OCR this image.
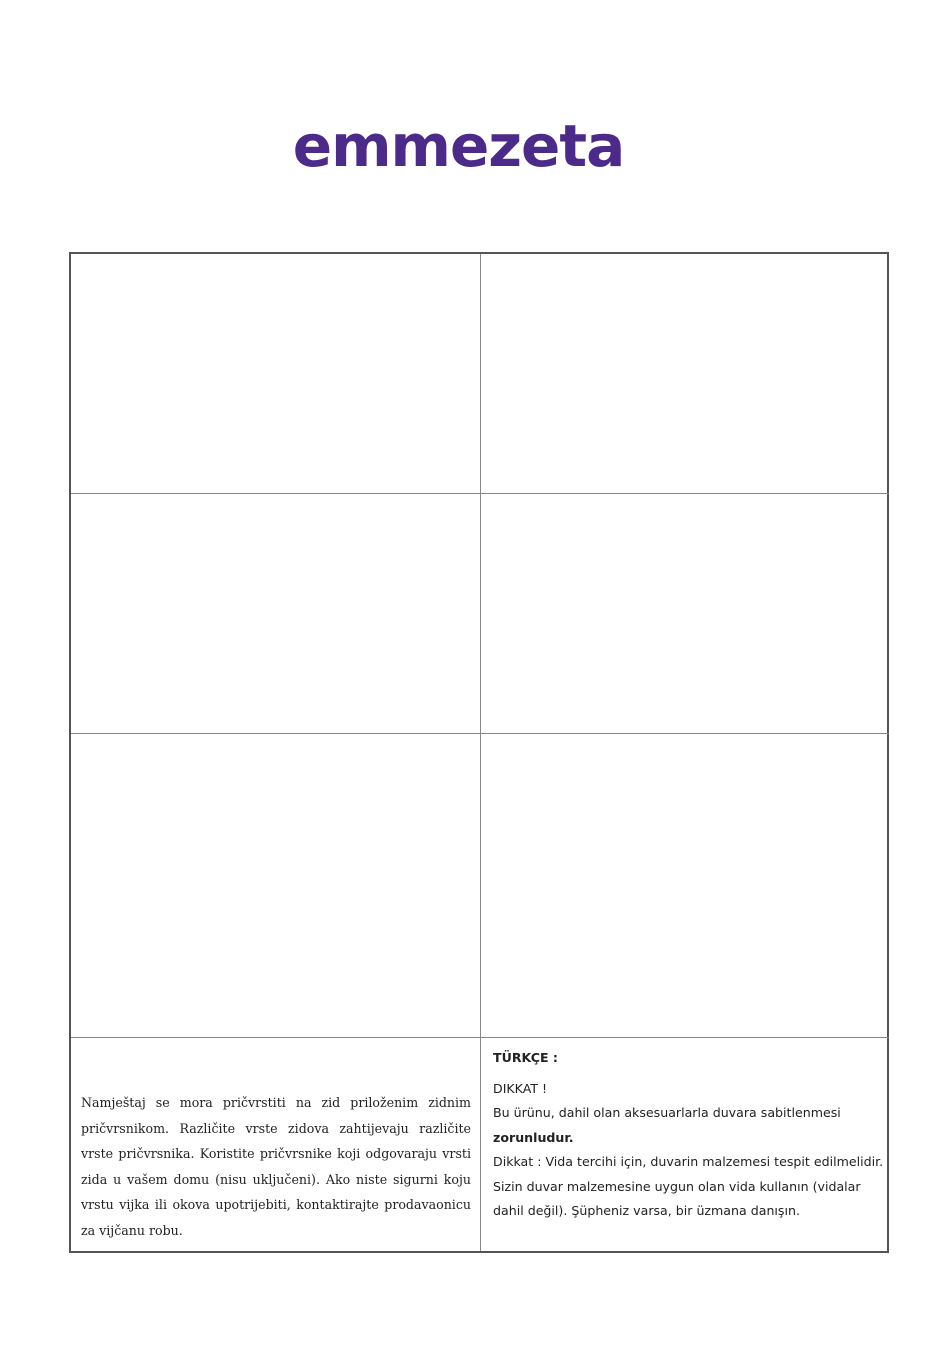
emmezeta
Namještaj se mora pričvrstiti na zid priloženim zidnim pričvrsnikom. Različite vrste zidova zahtijevaju različite vrste pričvrsnika. Koristite pričvrsnike koji odgovaraju vrsti zida u vašem domu (nisu uključeni). Ako niste sigurni koju vrstu vijka ili okova upotrijebiti, kontaktirajte prodavaonicu za vijčanu robu.
TÜRKÇE :
DIKKAT !
Bu ürünu, dahil olan aksesuarlarla duvara sabitlenmesi
zorunludur.
Dikkat : Vida tercihi için, duvarin malzemesi tespit edilmelidir.
Sizin duvar malzemesine uygun olan vida kullanın (vidalar
dahil değil). Şüpheniz varsa, bir üzmana danışın.
